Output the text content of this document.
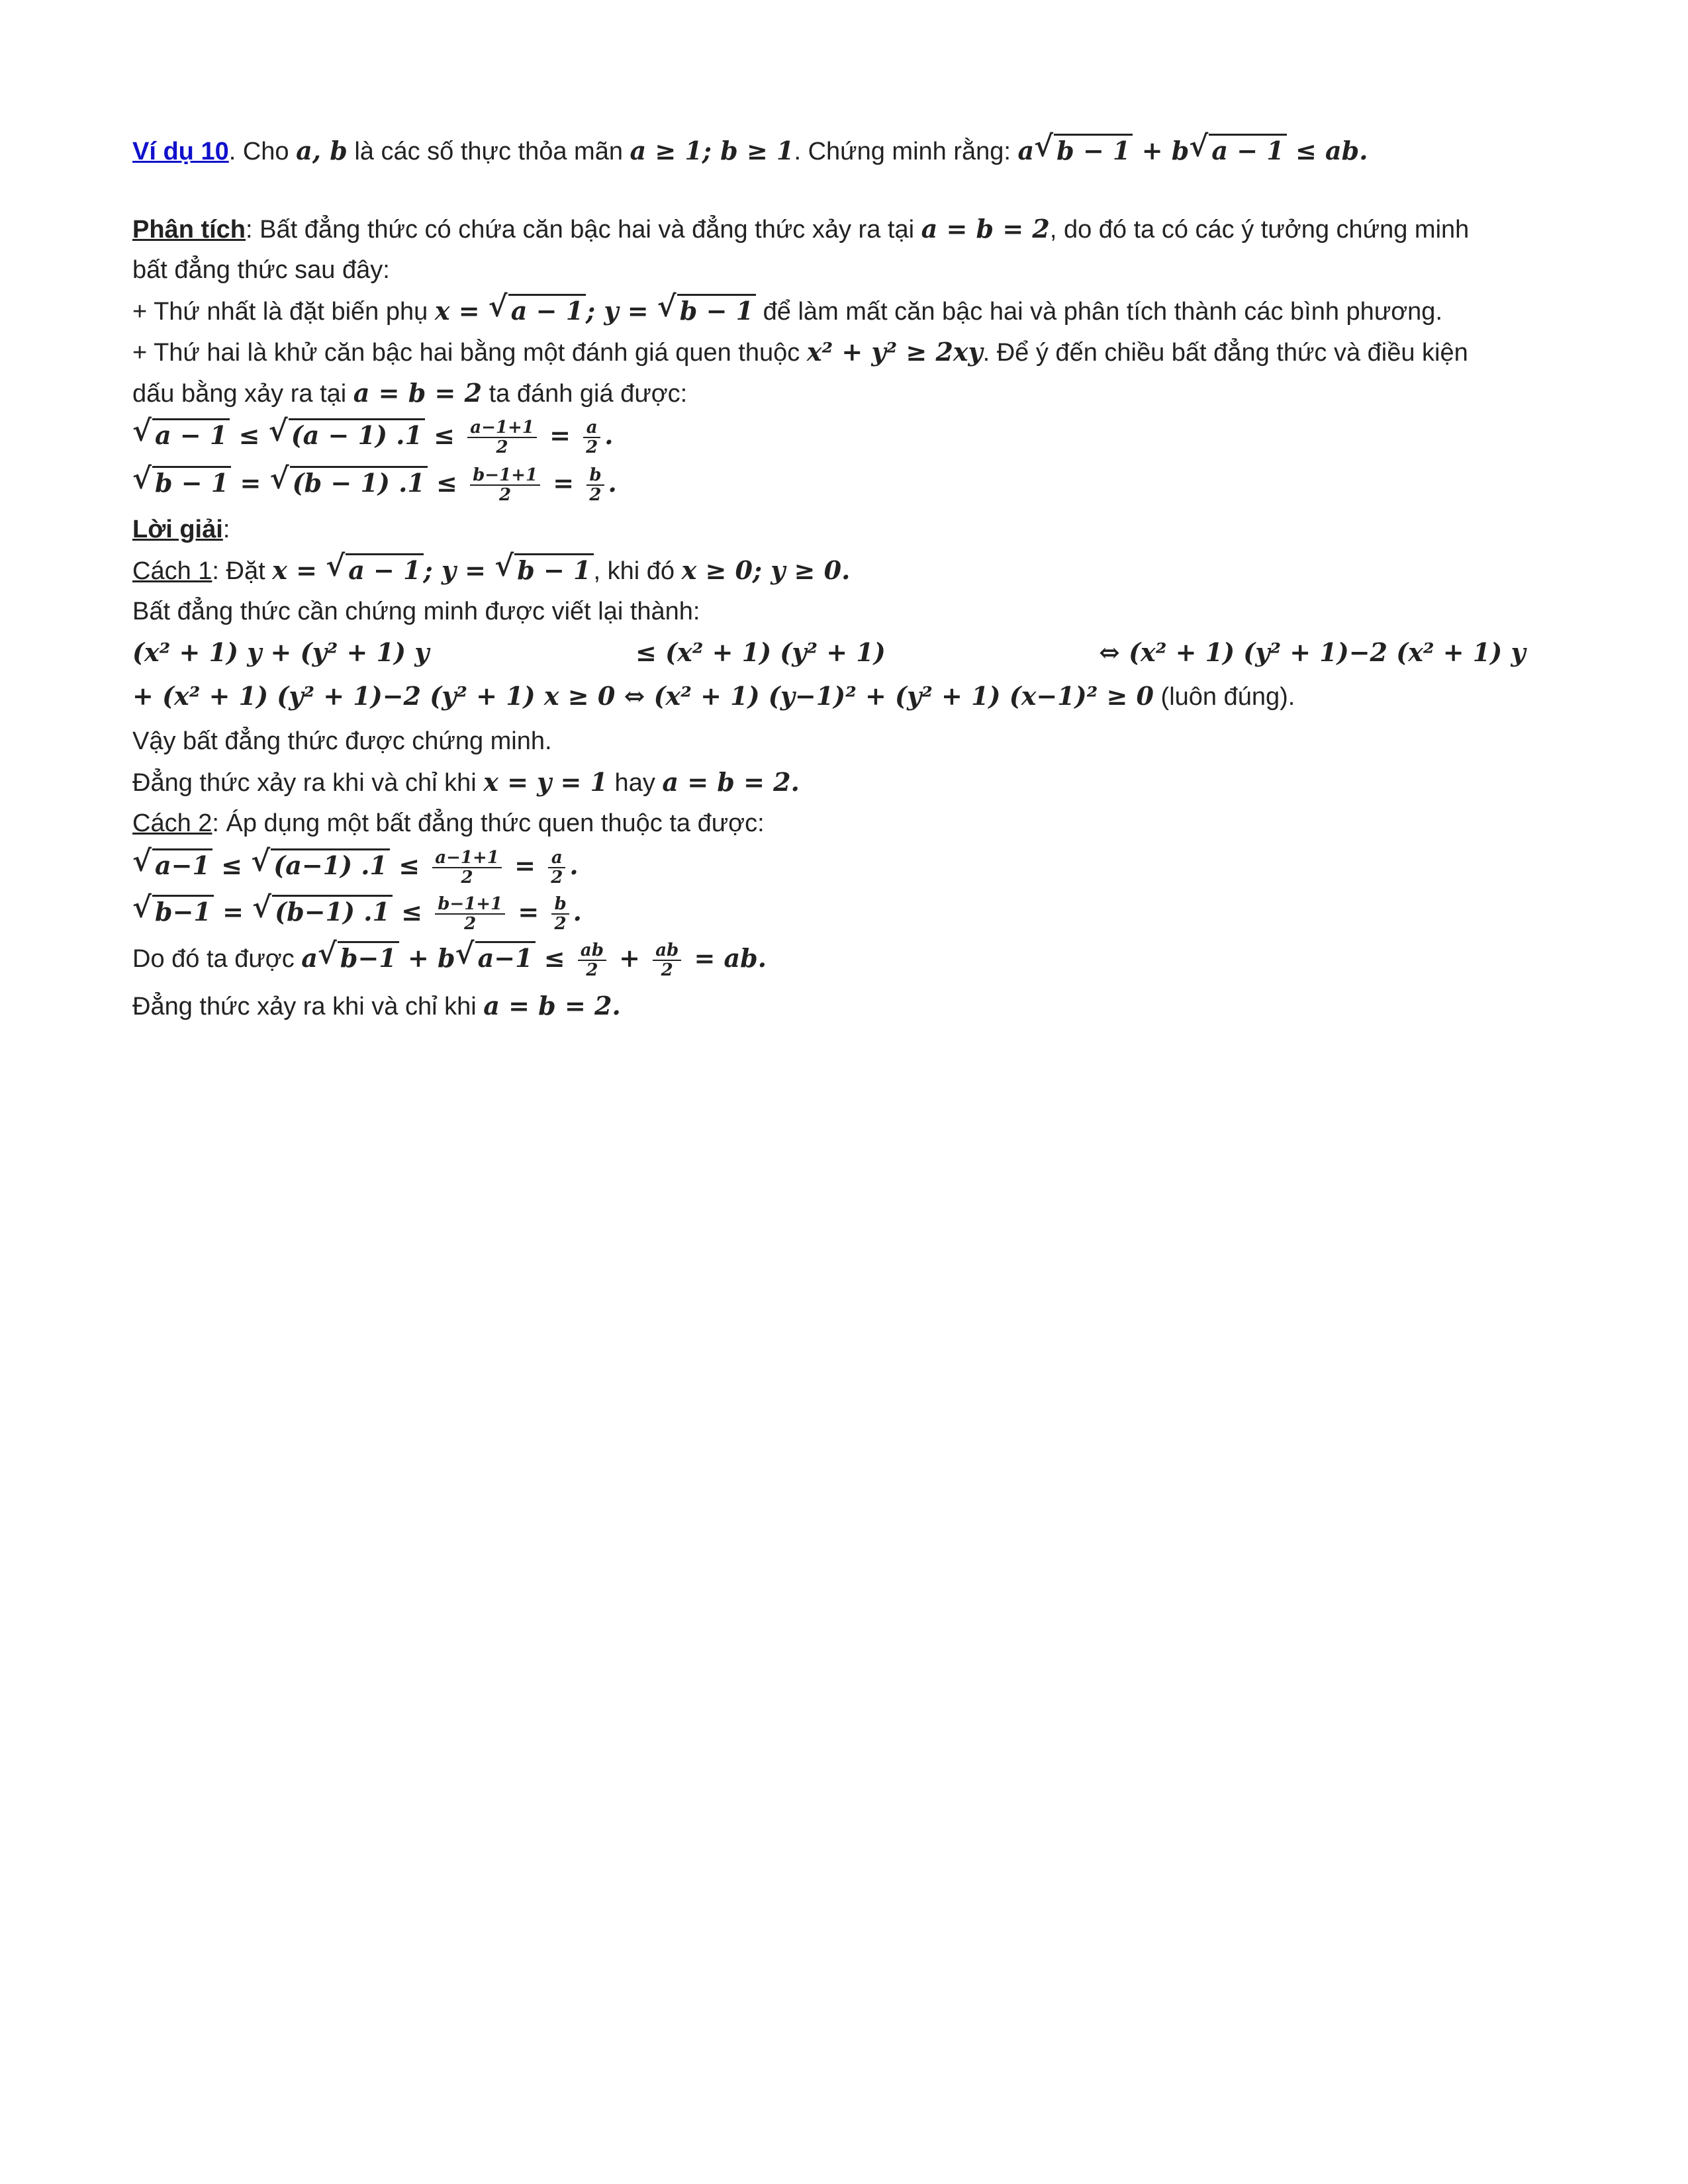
Ví dụ 10. Cho a, b là các số thực thỏa mãn a ≥ 1; b ≥ 1. Chứng minh rằng: a √ b − 1 + b √ a − 1 ≤ ab.
Phân tích: Bất đẳng thức có chứa căn bậc hai và đẳng thức xảy ra tại a = b = 2, do đó ta có các ý tưởng chứng minh
bất đẳng thức sau đây:
+ Thứ nhất là đặt biến phụ x = √ a − 1 ; y = √ b − 1 để làm mất căn bậc hai và phân tích thành các bình phương.
+ Thứ hai là khử căn bậc hai bằng một đánh giá quen thuộc x² + y² ≥ 2xy. Để ý đến chiều bất đẳng thức và điều kiện
dấu bằng xảy ra tại a = b = 2 ta đánh giá được:
√ a − 1 ≤ √ (a − 1) $.1 \le \frac{a-1+1}{2} = \frac{a}{2}$ .
√ b − 1 = √ (b − 1) $.1 \le \frac{b-1+1}{2} = \frac{b}{2}$ .
Lời giải:
Cách 1: Đặt x = √ a − 1 ; y = √ b − 1 , khi đó x ≥ 0; y ≥ 0.
Bất đẳng thức cần chứng minh được viết lại thành:
(x² + 1) y + (y² + 1) y	≤ (x² + 1) (y² + 1)	⇔ (x² + 1) (y² + 1)−2 (x² + 1) y
+ (x² + 1) (y² + 1)−2 (y² + 1) x ≥ 0 ⇔ (x² + 1) (y−1)² + (y² + 1) (x−1)² ≥ 0 (luôn đúng).
Vậy bất đẳng thức được chứng minh.
Đẳng thức xảy ra khi và chỉ khi x = y = 1 hay a = b = 2.
Cách 2: Áp dụng một bất đẳng thức quen thuộc ta được:
√ a−1 ≤ √ (a−1) $.1 \le \frac{a-1+1}{2} = \frac{a}{2}$ .
√ b−1 = √ (b−1) $.1 \le \frac{b-1+1}{2} = \frac{b}{2}$ .
Do đó ta được a √ b−1 + b √ $a-1 \le \frac{ab}{2} + \frac{ab}{2}$ = ab.
Đẳng thức xảy ra khi và chỉ khi a = b = 2.
